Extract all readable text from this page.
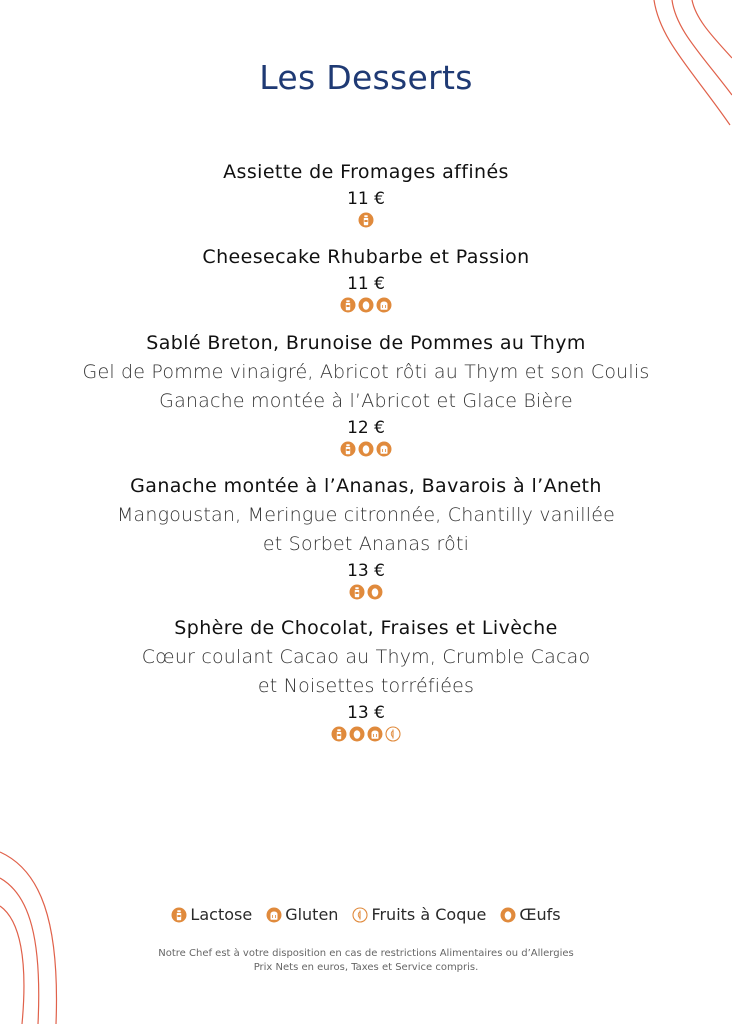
Les Desserts
Assiette de Fromages affinés
11 €
Cheesecake Rhubarbe et Passion
11 €
Sablé Breton, Brunoise de Pommes au Thym
Gel de Pomme vinaigré, Abricot rôti au Thym et son Coulis
Ganache montée à l’Abricot et Glace Bière
12 €
Ganache montée à l’Ananas, Bavarois à l’Aneth
Mangoustan, Meringue citronnée, Chantilly vanillée
et Sorbet Ananas rôti
13 €
Sphère de Chocolat, Fraises et Livèche
Cœur coulant Cacao au Thym, Crumble Cacao
et Noisettes torréfiées
13 €
Lactose Gluten Fruits à Coque Œufs
Notre Chef est à votre disposition en cas de restrictions Alimentaires ou d’Allergies
Prix Nets en euros, Taxes et Service compris.
